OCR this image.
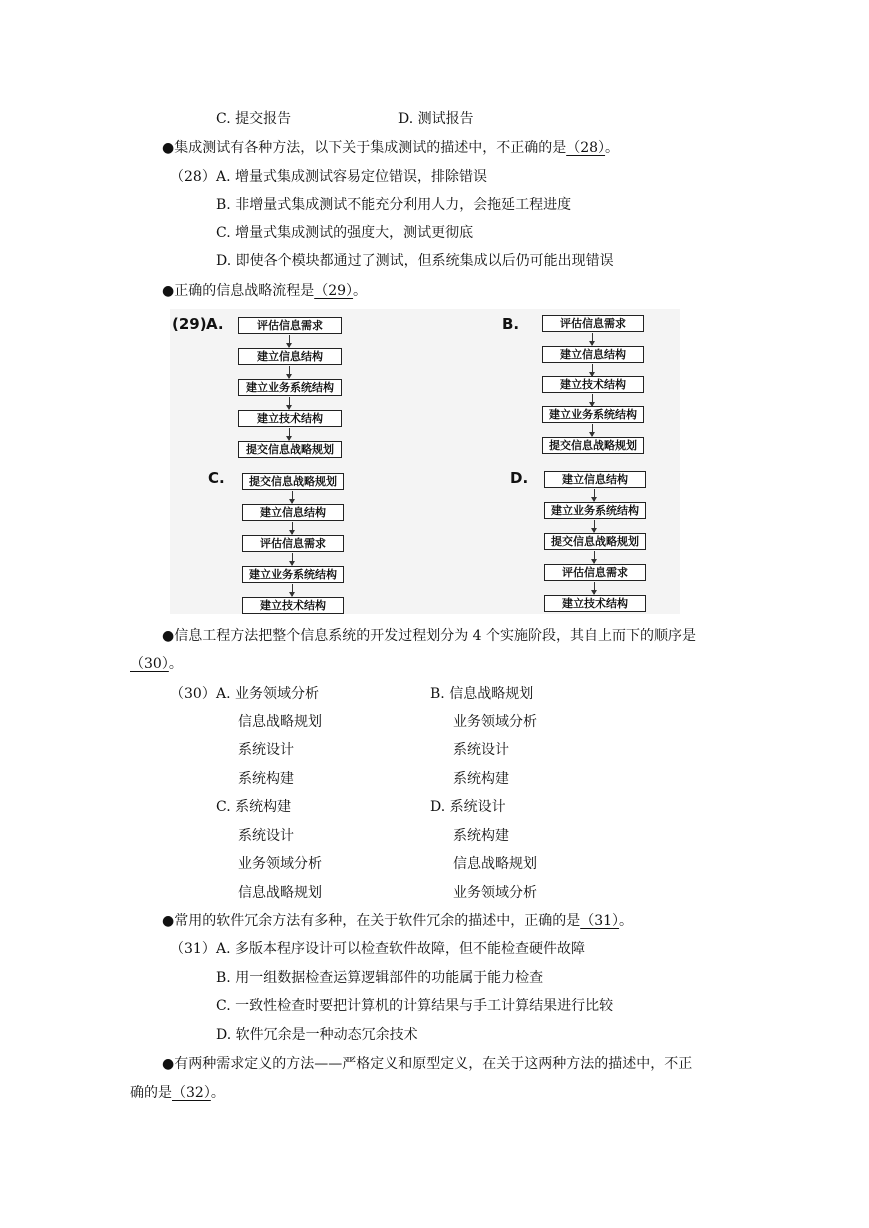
C. 提交报告	D. 测试报告
●集成测试有各种方法，以下关于集成测试的描述中，不正确的是（28）。
（28） A. 增量式集成测试容易定位错误，排除错误
B. 非增量式集成测试不能充分利用人力，会拖延工程进度
C. 增量式集成测试的强度大，测试更彻底
D. 即使各个模块都通过了测试，但系统集成以后仍可能出现错误
●正确的信息战略流程是（29）。
(29) A.	评估信息需求
建立信息结构
建立业务系统结构
建立技术结构
提交信息战略规划
B.	评估信息需求
建立信息结构
建立技术结构
建立业务系统结构
提交信息战略规划
C.	提交信息战略规划
建立信息结构
评估信息需求
建立业务系统结构
建立技术结构
D.	建立信息结构
建立业务系统结构
提交信息战略规划
评估信息需求
建立技术结构
●信息工程方法把整个信息系统的开发过程划分为 4 个实施阶段，其自上而下的顺序是
（30）。
（30） A. 业务领域分析
信息战略规划
系统设计
系统构建
B. 信息战略规划
业务领域分析
系统设计
系统构建
C. 系统构建
系统设计
业务领域分析
信息战略规划
D. 系统设计
系统构建
信息战略规划
业务领域分析
●常用的软件冗余方法有多种，在关于软件冗余的描述中，正确的是（31）。
（31） A. 多版本程序设计可以检查软件故障，但不能检查硬件故障
B. 用一组数据检查运算逻辑部件的功能属于能力检查
C. 一致性检查时要把计算机的计算结果与手工计算结果进行比较
D. 软件冗余是一种动态冗余技术
●有两种需求定义的方法——严格定义和原型定义，在关于这两种方法的描述中，不正
确的是（32）。
